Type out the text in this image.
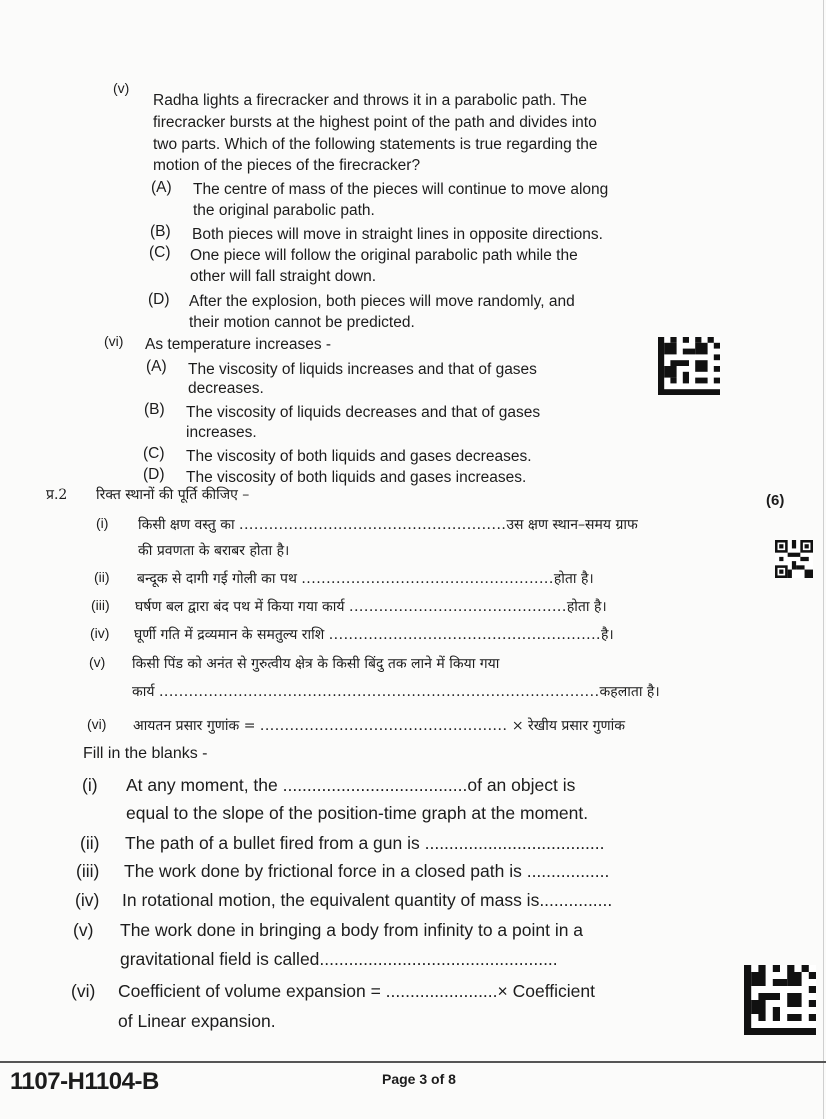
(v)
Radha lights a firecracker and throws it in a parabolic path. The
firecracker bursts at the highest point of the path and divides into
two parts. Which of the following statements is true regarding the
motion of the pieces of the firecracker?
(A) The centre of mass of the pieces will continue to move along
the original parabolic path.
(B) Both pieces will move in straight lines in opposite directions.
(C) One piece will follow the original parabolic path while the
other will fall straight down.
(D) After the explosion, both pieces will move randomly, and
their motion cannot be predicted.
(vi) As temperature increases -
(A) The viscosity of liquids increases and that of gases
decreases.
(B) The viscosity of liquids decreases and that of gases
increases.
(C) The viscosity of both liquids and gases decreases.
(D) The viscosity of both liquids and gases increases.
प्र.2 रिक्त स्थानों की पूर्ति कीजिए –	(6)
(i) किसी क्षण वस्तु का ......................................................उस क्षण स्थान–समय ग्राफ
की प्रवणता के बराबर होता है।
(ii) बन्दूक से दागी गई गोली का पथ ...................................................होता है।
(iii) घर्षण बल द्वारा बंद पथ में किया गया कार्य ............................................होता है।
(iv) घूर्णी गति में द्रव्यमान के समतुल्य राशि .......................................................है।
(v) किसी पिंड को अनंत से गुरुत्वीय क्षेत्र के किसी बिंदु तक लाने में किया गया
कार्य .........................................................................................कहलाता है।
(vi) आयतन प्रसार गुणांक = .................................................. × रेखीय प्रसार गुणांक
Fill in the blanks -
(i) At any moment, the ......................................of an object is
equal to the slope of the position-time graph at the moment.
(ii) The path of a bullet fired from a gun is .....................................
(iii) The work done by frictional force in a closed path is .................
(iv) In rotational motion, the equivalent quantity of mass is...............
(v) The work done in bringing a body from infinity to a point in a
gravitational field is called.................................................
(vi) Coefficient of volume expansion = .......................× Coefficient
of Linear expansion.
1107-H1104-B	Page 3 of 8
